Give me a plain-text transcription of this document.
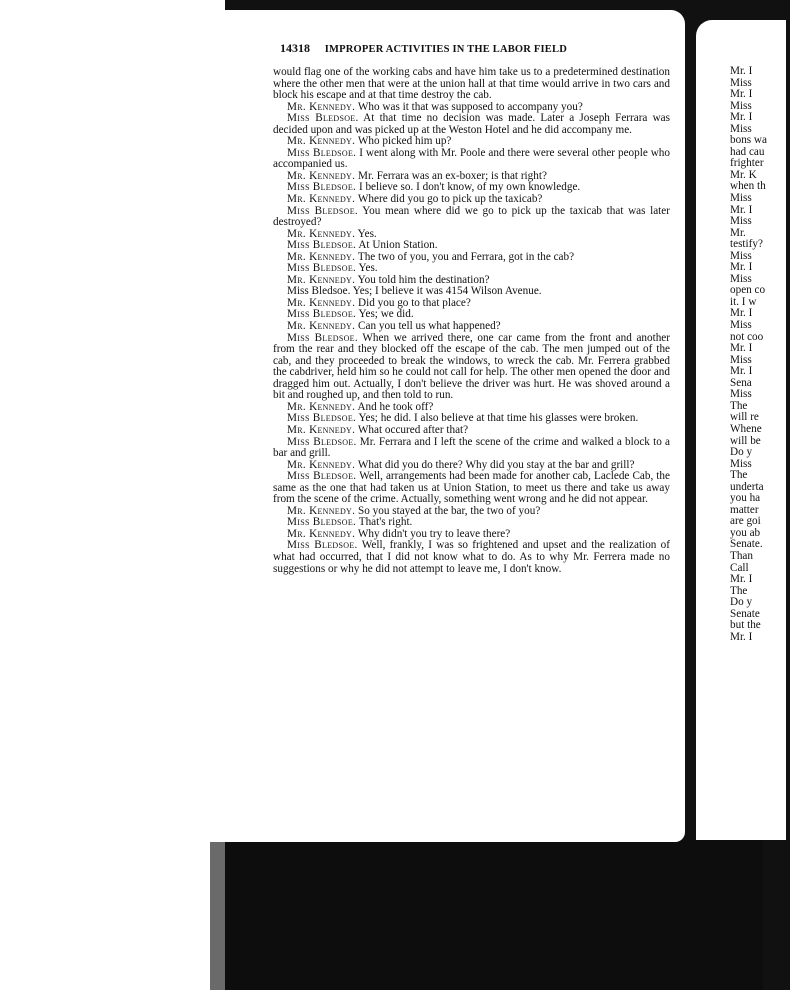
14318 IMPROPER ACTIVITIES IN THE LABOR FIELD

would flag one of the working cabs and have him take us to a predetermined destination where the other men that were at the union hall at that time would arrive in two cars and block his escape and at that time destroy the cab.

Mr. Kennedy. Who was it that was supposed to accompany you?

Miss Bledsoe. At that time no decision was made. Later a Joseph Ferrara was decided upon and was picked up at the Weston Hotel and he did accompany me.

Mr. Kennedy. Who picked him up?

Miss Bledsoe. I went along with Mr. Poole and there were several other people who accompanied us.

Mr. Kennedy. Mr. Ferrara was an ex-boxer; is that right?

Miss Bledsoe. I believe so. I don't know, of my own knowledge.

Mr. Kennedy. Where did you go to pick up the taxicab?

Miss Bledsoe. You mean where did we go to pick up the taxicab that was later destroyed?

Mr. Kennedy. Yes.

Miss Bledsoe. At Union Station.

Mr. Kennedy. The two of you, you and Ferrara, got in the cab?

Miss Bledsoe. Yes.

Mr. Kennedy. You told him the destination?

Miss Bledsoe. Yes; I believe it was 4154 Wilson Avenue.

Mr. Kennedy. Did you go to that place?

Miss Bledsoe. Yes; we did.

Mr. Kennedy. Can you tell us what happened?

Miss Bledsoe. When we arrived there, one car came from the front and another from the rear and they blocked off the escape of the cab. The men jumped out of the cab, and they proceeded to break the windows, to wreck the cab. Mr. Ferrera grabbed the cabdriver, held him so he could not call for help. The other men opened the door and dragged him out. Actually, I don't believe the driver was hurt. He was shoved around a bit and roughed up, and then told to run.

Mr. Kennedy. And he took off?

Miss Bledsoe. Yes; he did. I also believe at that time his glasses were broken.

Mr. Kennedy. What occured after that?

Miss Bledsoe. Mr. Ferrara and I left the scene of the crime and walked a block to a bar and grill.

Mr. Kennedy. What did you do there? Why did you stay at the bar and grill?

Miss Bledsoe. Well, arrangements had been made for another cab, Laclede Cab, the same as the one that had taken us at Union Station, to meet us there and take us away from the scene of the crime. Actually, something went wrong and he did not appear.

Mr. Kennedy. So you stayed at the bar, the two of you?

Miss Bledsoe. That's right.

Mr. Kennedy. Why didn't you try to leave there?

Miss Bledsoe. Well, frankly, I was so frightened and upset and the realization of what had occurred, that I did not know what to do. As to why Mr. Ferrera made no suggestions or why he did not attempt to leave me, I don't know.

Mr. I
Miss
Mr. I
Miss
Mr. I
Miss
bons wa
had cau
frighter
Mr. K
when th
Miss
Mr. I
Miss
Mr.
testify?
Miss
Mr. I
Miss
open co
it. I w
Mr. I
Miss
not coo
Mr. I
Miss
Mr. I
Sena
Miss
The
will re
Whene
will be
Do y
Miss
The
underta
you ha
matter
are goi
you ab
Senate.
Than
Call
Mr. I
The
Do y
Senate
but the
Mr. I
